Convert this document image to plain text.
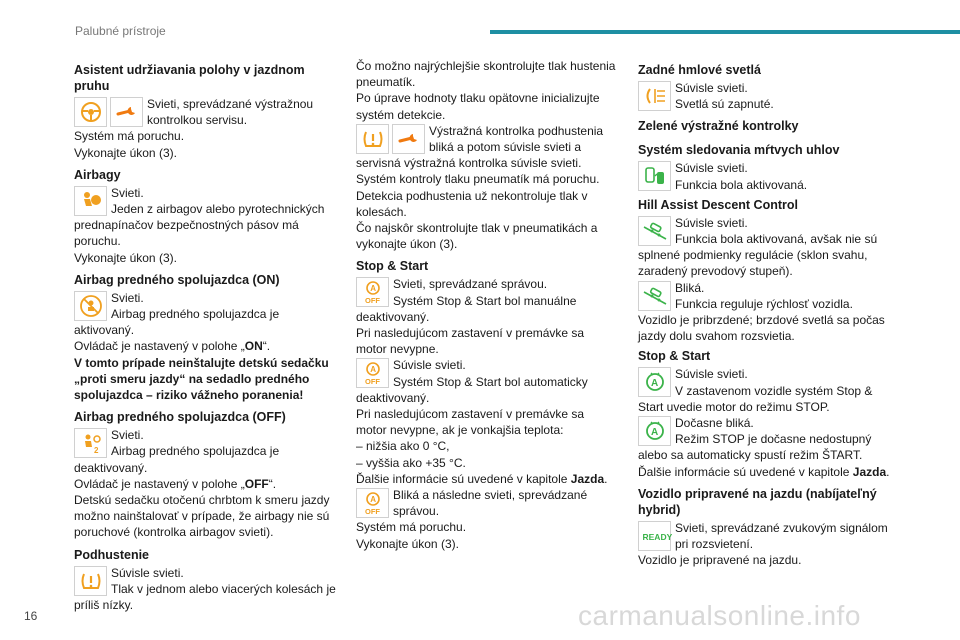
Palubné prístroje
Asistent udržiavania polohy v jazdnom pruhu
Svieti, sprevádzané výstražnou kontrolkou servisu.
Systém má poruchu.
Vykonajte úkon (3).
Airbagy
Svieti.
Jeden z airbagov alebo pyrotechnických prednapínačov bezpečnostných pásov má poruchu.
Vykonajte úkon (3).
Airbag predného spolujazdca (ON)
Svieti.
Airbag predného spolujazdca je aktivovaný.
Ovládač je nastavený v polohe „ON“.
V tomto prípade neinštalujte detskú sedačku „proti smeru jazdy“ na sedadlo predného spolujazdca – riziko vážneho poranenia!
Airbag predného spolujazdca (OFF)
2
Svieti.
Airbag predného spolujazdca je deaktivovaný.
Ovládač je nastavený v polohe „OFF“.
Detskú sedačku otočenú chrbtom k smeru jazdy možno nainštalovať v prípade, že airbagy nie sú poruchové (kontrolka airbagov svieti).
Podhustenie
Súvisle svieti.
Tlak v jednom alebo viacerých kolesách je príliš nízky.
Čo možno najrýchlejšie skontrolujte tlak hustenia pneumatík.
Po úprave hodnoty tlaku opätovne inicializujte systém detekcie.
Výstražná kontrolka podhustenia bliká a potom súvisle svieti a servisná výstražná kontrolka súvisle svieti.
Systém kontroly tlaku pneumatík má poruchu.
Detekcia podhustenia už nekontroluje tlak v kolesách.
Čo najskôr skontrolujte tlak v pneumatikách a vykonajte úkon (3).
Stop & Start
A
OFF
Svieti, sprevádzané správou.
Systém Stop & Start bol manuálne deaktivovaný.
Pri nasledujúcom zastavení v premávke sa motor nevypne.
A
OFF
Súvisle svieti.
Systém Stop & Start bol automaticky deaktivovaný.
Pri nasledujúcom zastavení v premávke sa motor nevypne, ak je vonkajšia teplota:
– nižšia ako 0 °C,
– vyššia ako +35 °C.
Ďalšie informácie sú uvedené v kapitole Jazda.
A
OFF
Bliká a následne svieti, sprevádzané správou.
Systém má poruchu.
Vykonajte úkon (3).
Zadné hmlové svetlá
Súvisle svieti.
Svetlá sú zapnuté.
Zelené výstražné kontrolky
Systém sledovania mŕtvych uhlov
Súvisle svieti.
Funkcia bola aktivovaná.
Hill Assist Descent Control
Súvisle svieti.
Funkcia bola aktivovaná, avšak nie sú splnené podmienky regulácie (sklon svahu, zaradený prevodový stupeň).
Bliká.
Funkcia reguluje rýchlosť vozidla.
Vozidlo je pribrzdené; brzdové svetlá sa počas jazdy dolu svahom rozsvietia.
Stop & Start
A
Súvisle svieti.
V zastavenom vozidle systém Stop & Start uvedie motor do režimu STOP.
A
Dočasne bliká.
Režim STOP je dočasne nedostupný alebo sa automaticky spustí režim ŠTART.
Ďalšie informácie sú uvedené v kapitole Jazda.
Vozidlo pripravené na jazdu (nabíjateľný hybrid)
READY
Svieti, sprevádzané zvukovým signálom pri rozsvietení.
Vozidlo je pripravené na jazdu.
16	carmanualsonline.info
